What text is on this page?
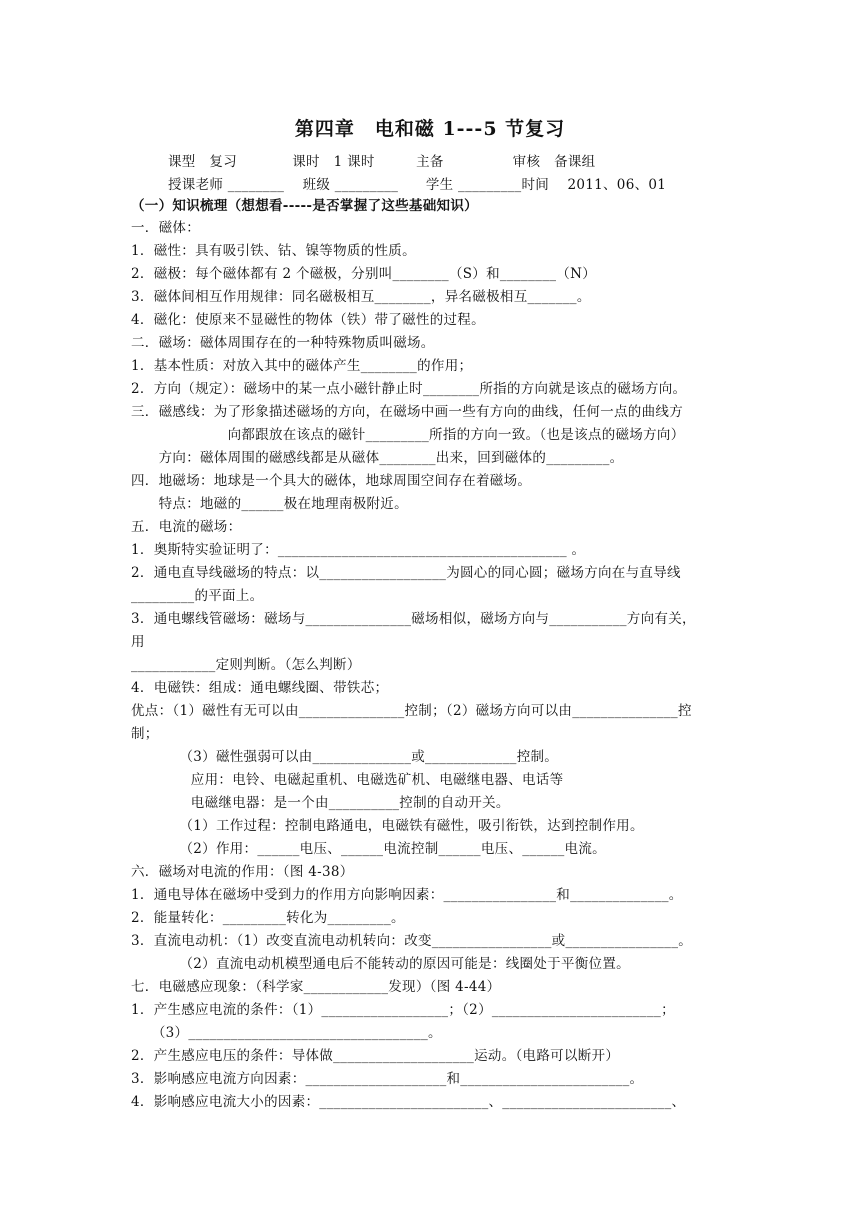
第四章　电和磁 1---5 节复习
课型　复习　　　　课时　1 课时　　　主备　　　　　审核　备课组
授课老师 ________　 班级 _________　　学生 _________时间　 2011、06、01
（一）知识梳理（想想看-----是否掌握了这些基础知识）
一．磁体：
1．磁性：具有吸引铁、钴、镍等物质的性质。
2．磁极：每个磁体都有 2 个磁极，分别叫________（S）和________（N）
3．磁体间相互作用规律：同名磁极相互________，异名磁极相互_______。
4．磁化：使原来不显磁性的物体（铁）带了磁性的过程。
二．磁场：磁体周围存在的一种特殊物质叫磁场。
1．基本性质：对放入其中的磁体产生________的作用；
2．方向（规定）：磁场中的某一点小磁针静止时________所指的方向就是该点的磁场方向。
三．磁感线：为了形象描述磁场的方向，在磁场中画一些有方向的曲线，任何一点的曲线方
　　　　　　　向都跟放在该点的磁针_________所指的方向一致。（也是该点的磁场方向）
　　方向：磁体周围的磁感线都是从磁体________出来，回到磁体的_________。
四．地磁场：地球是一个具大的磁体，地球周围空间存在着磁场。
　　特点：地磁的______极在地理南极附近。
五．电流的磁场：
1．奥斯特实验证明了：_________________________________________ 。
2．通电直导线磁场的特点：以__________________为圆心的同心圆；磁场方向在与直导线
_________的平面上。
3．通电螺线管磁场：磁场与_______________磁场相似，磁场方向与___________方向有关，
用
____________定则判断。（怎么判断）
4．电磁铁：组成：通电螺线圈、带铁芯；
优点：（1）磁性有无可以由_______________控制；（2）磁场方向可以由_______________控
制；
　　　　（3）磁性强弱可以由______________或_____________控制。
　　　　 应用：电铃、电磁起重机、电磁选矿机、电磁继电器、电话等
　　　　 电磁继电器：是一个由__________控制的自动开关。
　　　　（1）工作过程：控制电路通电，电磁铁有磁性，吸引衔铁，达到控制作用。
　　　　（2）作用：______电压、______电流控制______电压、______电流。
六．磁场对电流的作用：（图 4-38）
1．通电导体在磁场中受到力的作用方向影响因素：________________和______________。
2．能量转化：_________转化为_________。
3．直流电动机：（1）改变直流电动机转向：改变_________________或________________。
　　　　（2）直流电动机模型通电后不能转动的原因可能是：线圈处于平衡位置。
七．电磁感应现象：（科学家____________发现）（图 4-44）
1．产生感应电流的条件：（1）__________________；（2）________________________；
　　（3）__________________________________。
2．产生感应电压的条件：导体做____________________运动。（电路可以断开）
3．影响感应电流方向因素：____________________和________________________。
4．影响感应电流大小的因素：________________________、________________________、
